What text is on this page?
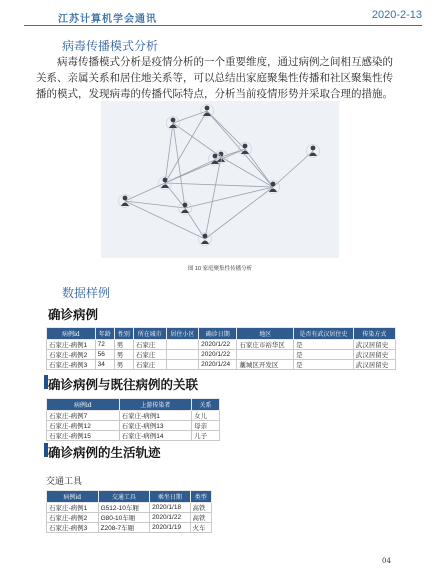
江苏计算机学会通讯	2020-2-13
病毒传播模式分析
病毒传播模式分析是疫情分析的一个重要维度，通过病例之间相互感染的
关系、亲属关系和居住地关系等，可以总结出家庭聚集性传播和社区聚集性传
播的模式，发现病毒的传播代际特点，分析当前疫情形势并采取合理的措施。
图 10 家庭聚集性传播分析
数据样例
确诊病例
病例id	年龄	性别	所在城市	居住小区	确诊日期	地区	是否有武汉居住史	传染方式
石家庄-病例1	72	男	石家庄		2020/1/22	石家庄市裕华区	是	武汉居留史
石家庄-病例2	56	男	石家庄		2020/1/22		是	武汉居留史
石家庄-病例3	34	男	石家庄		2020/1/24	藁城区开发区	是	武汉居留史
确诊病例与既往病例的关联
病例id	上游传染者	关系
石家庄-病例7	石家庄-病例1	女儿
石家庄-病例12	石家庄-病例13	母亲
石家庄-病例15	石家庄-病例14	儿子
确诊病例的生活轨迹
交通工具
病例id	交通工具	乘坐日期	类型
石家庄-病例1	G512-10车厢	2020/1/18	高铁
石家庄-病例2	G80-10车厢	2020/1/22	高铁
石家庄-病例3	Z208-7车厢	2020/1/19	火车
04
